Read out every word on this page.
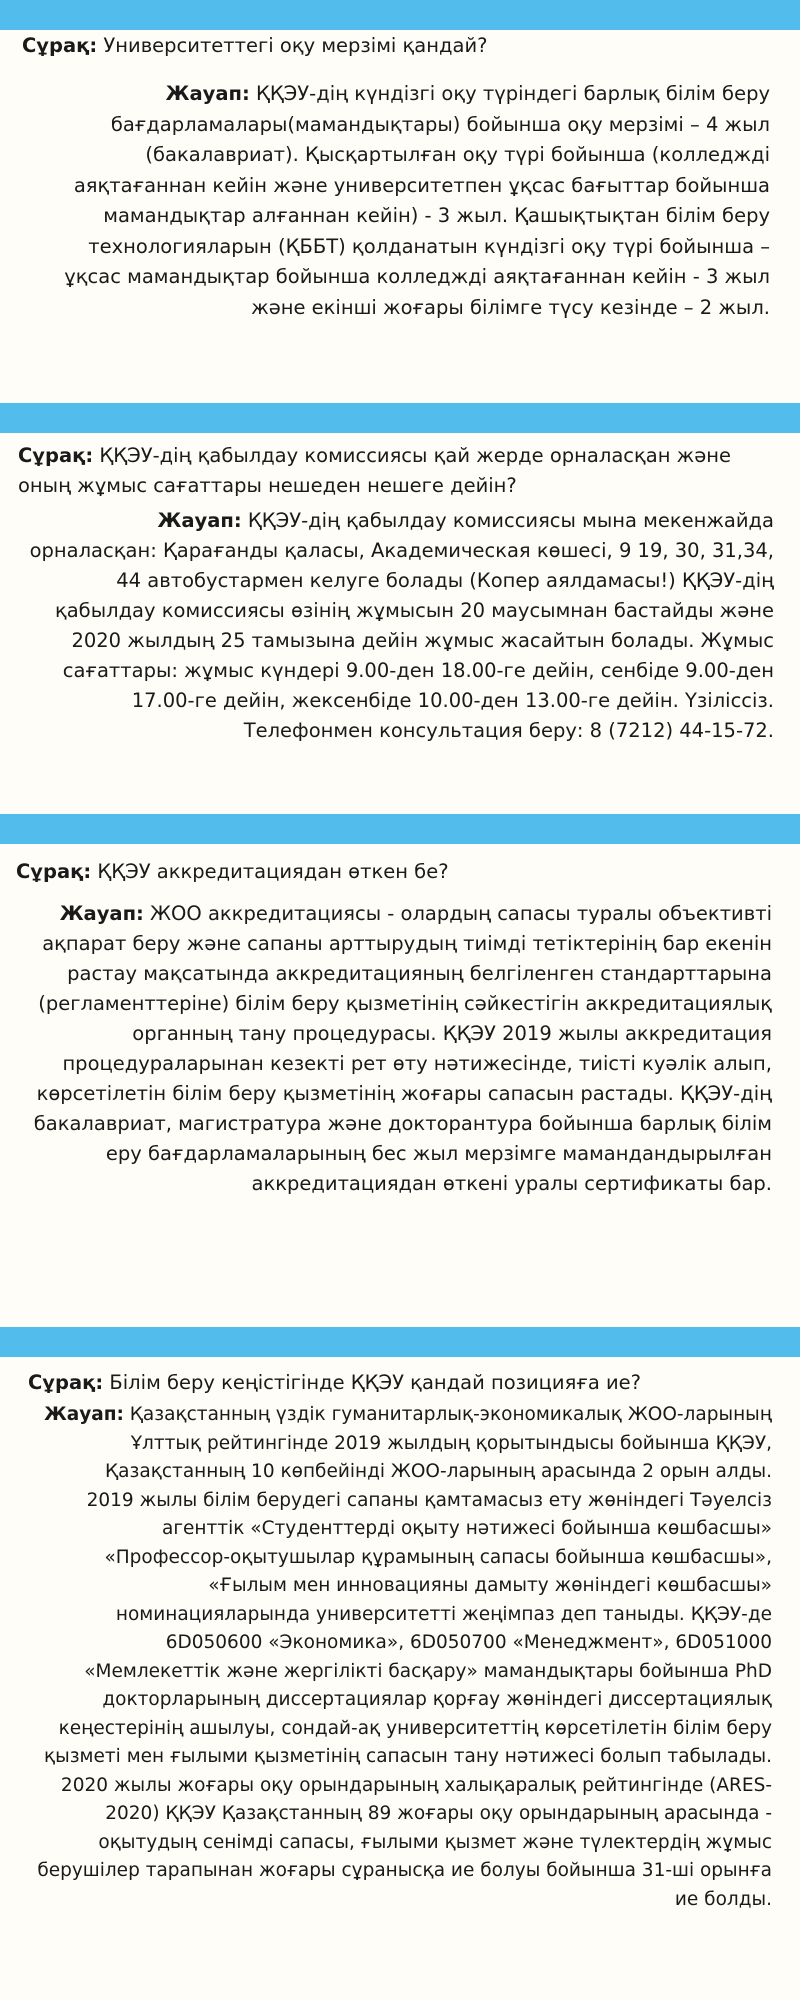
Сұрақ: Университеттегі оқу мерзімі қандай?

Жауап: ҚҚЭУ-дің күндізгі оқу түріндегі барлық білім беру бағдарламалары(мамандықтары) бойынша оқу мерзімі – 4 жыл (бакалавриат). Қысқартылған оқу түрі бойынша (колледжді аяқтағаннан кейін және университетпен ұқсас бағыттар бойынша мамандықтар алғаннан кейін) - 3 жыл. Қашықтықтан білім беру технологияларын (ҚББТ) қолданатын күндізгі оқу түрі бойынша – ұқсас мамандықтар бойынша колледжді аяқтағаннан кейін - 3 жыл және екінші жоғары білімге түсу кезінде – 2 жыл.

Сұрақ: ҚҚЭУ-дің қабылдау комиссиясы қай жерде орналасқан және оның жұмыс сағаттары нешеден нешеге дейін?

Жауап: ҚҚЭУ-дің қабылдау комиссиясы мына мекенжайда орналасқан: Қарағанды қаласы, Академическая көшесі, 9 19, 30, 31,34, 44 автобустармен келуге болады (Копер аялдамасы!) ҚҚЭУ-дің қабылдау комиссиясы өзінің жұмысын 20 маусымнан бастайды және 2020 жылдың 25 тамызына дейін жұмыс жасайтын болады. Жұмыс сағаттары: жұмыс күндері 9.00-ден 18.00-ге дейін, сенбіде 9.00-ден 17.00-ге дейін, жексенбіде 10.00-ден 13.00-ге дейін. Үзіліссіз. Телефонмен консультация беру: 8 (7212) 44-15-72.

Сұрақ: ҚҚЭУ аккредитациядан өткен бе?

Жауап: ЖОО аккредитациясы - олардың сапасы туралы объективті ақпарат беру және сапаны арттырудың тиімді тетіктерінің бар екенін растау мақсатында аккредитацияның белгіленген стандарттарына (регламенттеріне) білім беру қызметінің сәйкестігін аккредитациялық органның тану процедурасы. ҚҚЭУ 2019 жылы аккредитация процедураларынан кезекті рет өту нәтижесінде, тиісті куәлік алып, көрсетілетін білім беру қызметінің жоғары сапасын растады. ҚҚЭУ-дің бакалавриат, магистратура және докторантура бойынша барлық білім еру бағдарламаларының бес жыл мерзімге мамандандырылған аккредитациядан өткені уралы сертификаты бар.

Сұрақ: Білім беру кеңістігінде ҚҚЭУ қандай позицияға ие?

Жауап: Қазақстанның үздік гуманитарлық-экономикалық ЖОО-ларының Ұлттық рейтингінде 2019 жылдың қорытындысы бойынша ҚҚЭУ, Қазақстанның 10 көпбейінді ЖОО-ларының арасында 2 орын алды.

2019 жылы білім берудегі сапаны қамтамасыз ету жөніндегі Тәуелсіз агенттік «Студенттерді оқыту нәтижесі бойынша көшбасшы» «Профессор-оқытушылар құрамының сапасы бойынша көшбасшы», «Ғылым мен инновацияны дамыту жөніндегі көшбасшы» номинацияларында университетті жеңімпаз деп таныды. ҚҚЭУ-де 6D050600 «Экономика», 6D050700 «Менеджмент», 6D051000 «Мемлекеттік және жергілікті басқару» мамандықтары бойынша PhD докторларының диссертациялар қорғау жөніндегі диссертациялық кеңестерінің ашылуы, сондай-ақ университеттің көрсетілетін білім беру қызметі мен ғылыми қызметінің сапасын тану нәтижесі болып табылады.

2020 жылы жоғары оқу орындарының халықаралық рейтингінде (ARES-2020) ҚҚЭУ Қазақстанның 89 жоғары оқу орындарының арасында - оқытудың сенімді сапасы, ғылыми қызмет және түлектердің жұмыс берушілер тарапынан жоғары сұранысқа ие болуы бойынша 31-ші орынға ие болды.
